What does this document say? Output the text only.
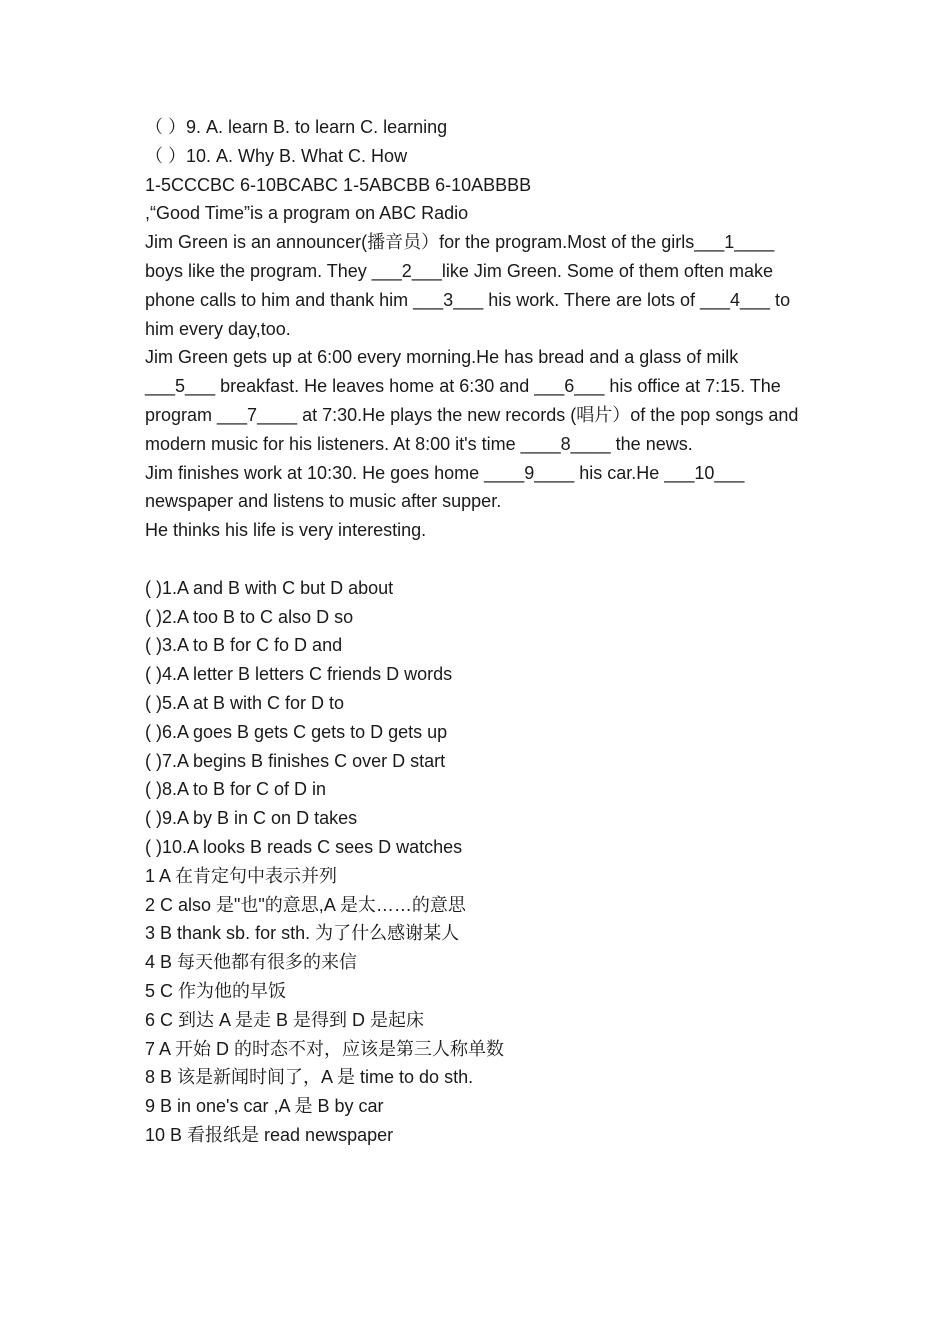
（ ）9. A. learn B. to learn C. learning
（ ）10. A. Why B. What C. How
1-5CCCBC 6-10BCABC 1-5ABCBB 6-10ABBBB
,“Good Time”is a program on ABC Radio
Jim Green is an announcer(播音员）for the program.Most of the girls___1____ boys like the program. They ___2___like Jim Green. Some of them often make phone calls to him and thank him ___3___ his work. There are lots of ___4___ to him every day,too.
Jim Green gets up at 6:00 every morning.He has bread and a glass of milk ___5___ breakfast. He leaves home at 6:30 and ___6___ his office at 7:15. The program ___7____ at 7:30.He plays the new records (唱片）of the pop songs and modern music for his listeners. At 8:00 it's time ____8____ the news.
Jim finishes work at 10:30. He goes home ____9____ his car.He ___10___ newspaper and listens to music after supper.
He thinks his life is very interesting.
( )1.A and B with C but D about
( )2.A too B to C also D so
( )3.A to B for C fo D and
( )4.A letter B letters C friends D words
( )5.A at B with C for D to
( )6.A goes B gets C gets to D gets up
( )7.A begins B finishes C over D start
( )8.A to B for C of D in
( )9.A by B in C on D takes
( )10.A looks B reads C sees D watches
1 A 在肯定句中表示并列
2 C also 是"也"的意思,A 是太……的意思
3 B thank sb. for sth. 为了什么感谢某人
4 B 每天他都有很多的来信
5 C 作为他的早饭
6 C 到达 A 是走 B 是得到 D 是起床
7 A 开始 D 的时态不对，应该是第三人称单数
8 B 该是新闻时间了，A 是 time to do sth.
9 B in one's car ,A 是 B by car
10 B 看报纸是 read newspaper
